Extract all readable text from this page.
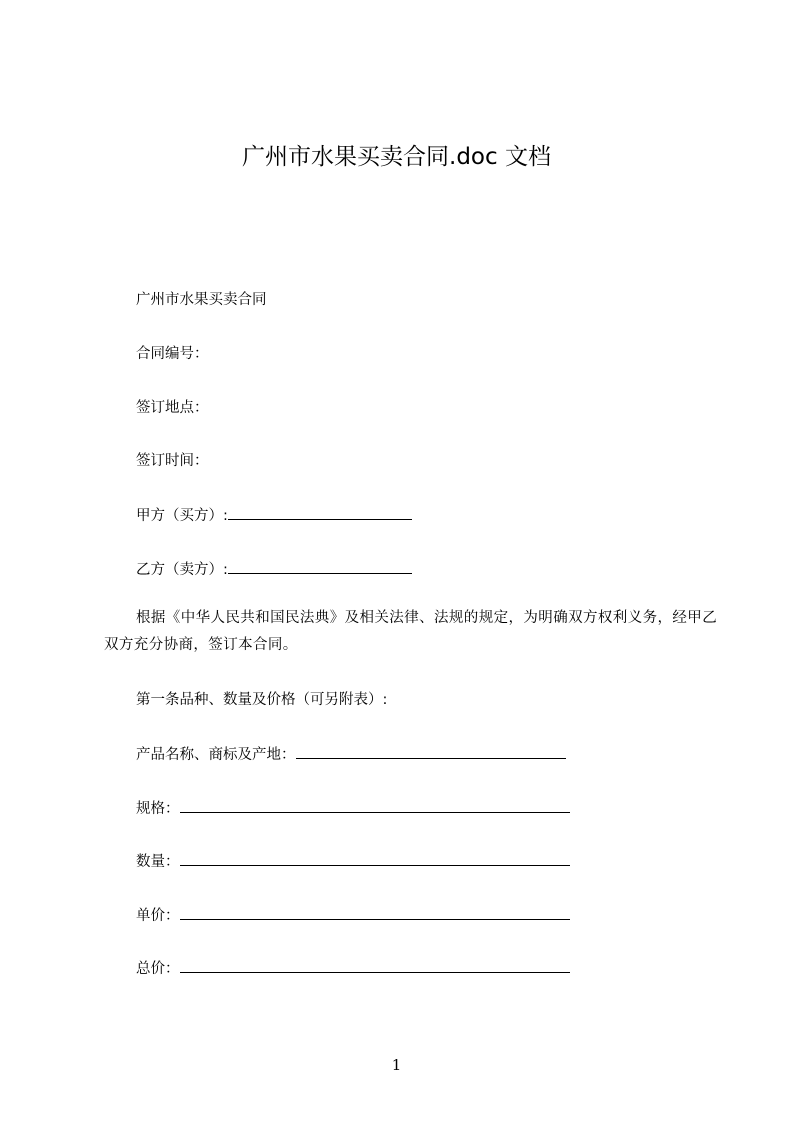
广州市水果买卖合同.doc 文档
广州市水果买卖合同
合同编号：
签订地点：
签订时间：
甲方（买方）:
乙方（卖方）:
根据《中华人民共和国民法典》及相关法律、法规的规定，为明确双方权利义务，经甲乙双方充分协商，签订本合同。
第一条品种、数量及价格（可另附表）:
产品名称、商标及产地：
规格：
数量：
单价：
总价：
1
